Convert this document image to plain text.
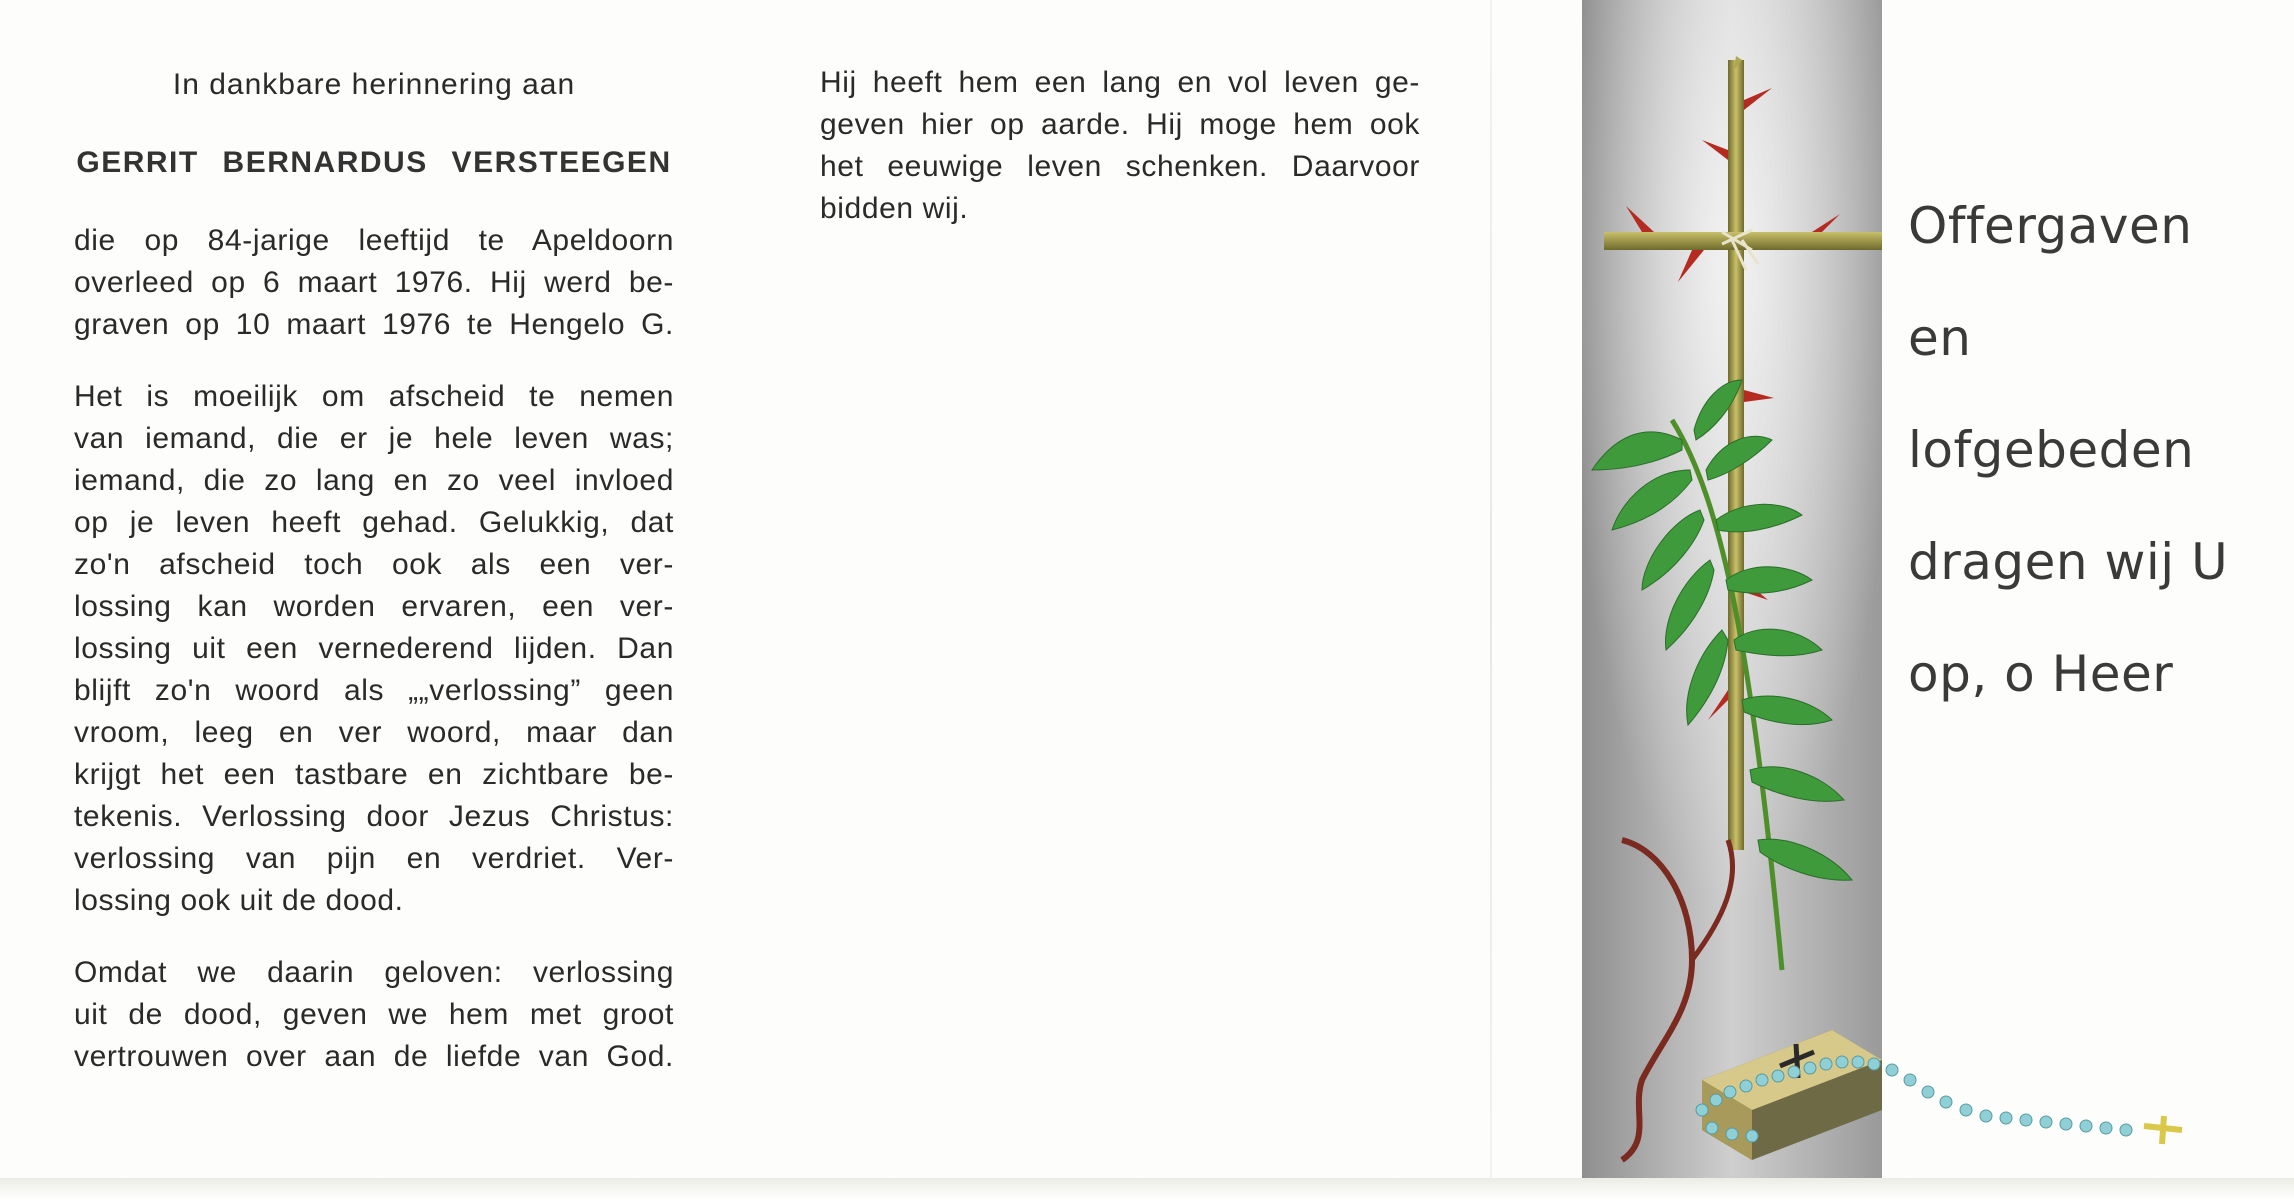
In dankbare herinnering aan

GERRIT BERNARDUS VERSTEEGEN

die op 84-jarige leeftijd te Apeldoorn
overleed op 6 maart 1976. Hij werd be-
graven op 10 maart 1976 te Hengelo G.
Het is moeilijk om afscheid te nemen
van iemand, die er je hele leven was;
iemand, die zo lang en zo veel invloed
op je leven heeft gehad. Gelukkig, dat
zo'n afscheid toch ook als een ver-
lossing kan worden ervaren, een ver-
lossing uit een vernederend lijden. Dan
blijft zo'n woord als „„verlossing” geen
vroom, leeg en ver woord, maar dan
krijgt het een tastbare en zichtbare be-
tekenis. Verlossing door Jezus Christus:
verlossing van pijn en verdriet. Ver-
lossing ook uit de dood.
Omdat we daarin geloven: verlossing
uit de dood, geven we hem met groot
vertrouwen over aan de liefde van God.
Hij heeft hem een lang en vol leven ge-
geven hier op aarde. Hij moge hem ook
het eeuwige leven schenken. Daarvoor
bidden wij.	Offergaven

en

lofgebeden

dragen wij U

op, o Heer
